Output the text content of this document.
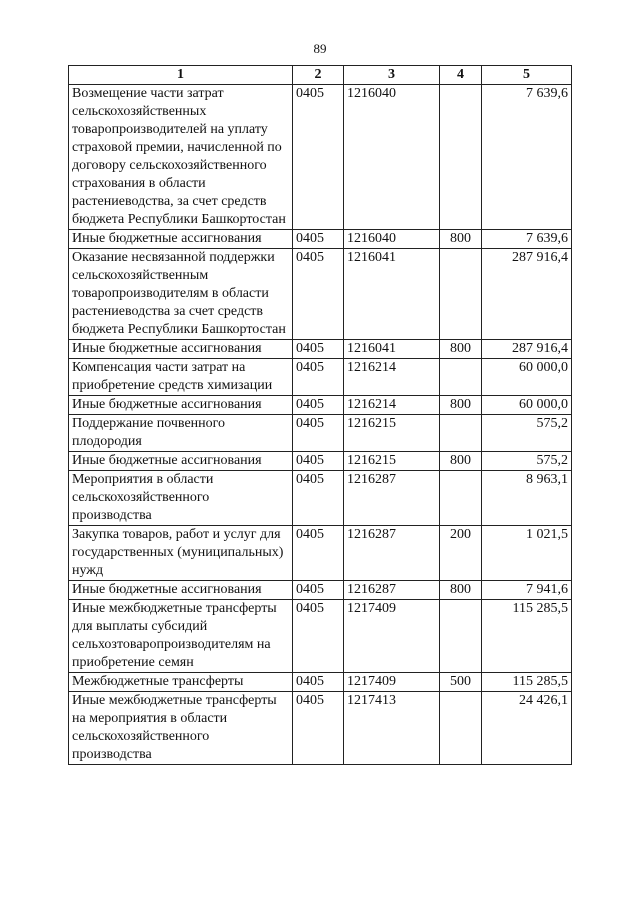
89
1	2	3	4	5
Возмещение части затрат сельскохозяйственных товаропроизводителей на уплату страховой премии, начисленной по договору сельскохозяйственного страхования в области растениеводства, за счет средств бюджета Республики Башкортостан	0405	1216040		7 639,6
Иные бюджетные ассигнования	0405	1216040	800	7 639,6
Оказание несвязанной поддержки сельскохозяйственным товаропроизводителям в области растениеводства за счет средств бюджета Республики Башкортостан	0405	1216041		287 916,4
Иные бюджетные ассигнования	0405	1216041	800	287 916,4
Компенсация части затрат на приобретение средств химизации	0405	1216214		60 000,0
Иные бюджетные ассигнования	0405	1216214	800	60 000,0
Поддержание почвенного плодородия	0405	1216215		575,2
Иные бюджетные ассигнования	0405	1216215	800	575,2
Мероприятия в области сельскохозяйственного производства	0405	1216287		8 963,1
Закупка товаров, работ и услуг для государственных (муниципальных) нужд	0405	1216287	200	1 021,5
Иные бюджетные ассигнования	0405	1216287	800	7 941,6
Иные межбюджетные трансферты для выплаты субсидий сельхозтоваропроизводителям на приобретение семян	0405	1217409		115 285,5
Межбюджетные трансферты	0405	1217409	500	115 285,5
Иные межбюджетные трансферты на мероприятия в области сельскохозяйственного производства	0405	1217413		24 426,1
